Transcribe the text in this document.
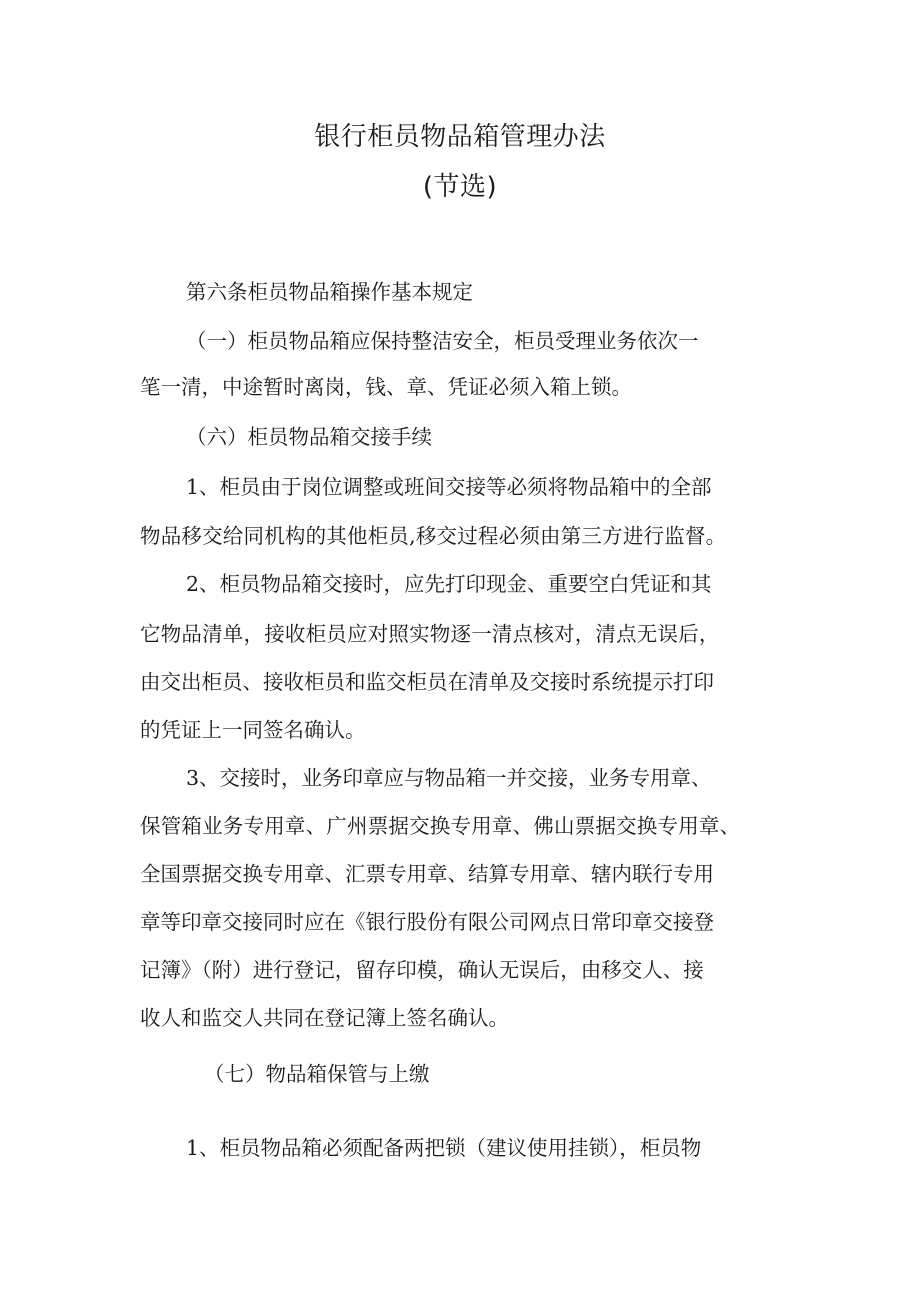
银行柜员物品箱管理办法
(节选)

第六条柜员物品箱操作基本规定

（一）柜员物品箱应保持整洁安全，柜员受理业务依次一

笔一清，中途暂时离岗，钱、章、凭证必须入箱上锁。

（六）柜员物品箱交接手续

1、柜员由于岗位调整或班间交接等必须将物品箱中的全部

物品移交给同机构的其他柜员,移交过程必须由第三方进行监督。

2、柜员物品箱交接时，应先打印现金、重要空白凭证和其

它物品清单，接收柜员应对照实物逐一清点核对，清点无误后，

由交出柜员、接收柜员和监交柜员在清单及交接时系统提示打印

的凭证上一同签名确认。

3、交接时，业务印章应与物品箱一并交接，业务专用章、

保管箱业务专用章、广州票据交换专用章、佛山票据交换专用章、

全国票据交换专用章、汇票专用章、结算专用章、辖内联行专用

章等印章交接同时应在《银行股份有限公司网点日常印章交接登

记簿》（附）进行登记，留存印模，确认无误后，由移交人、接

收人和监交人共同在登记簿上签名确认。

（七）物品箱保管与上缴

1、柜员物品箱必须配备两把锁（建议使用挂锁），柜员物
